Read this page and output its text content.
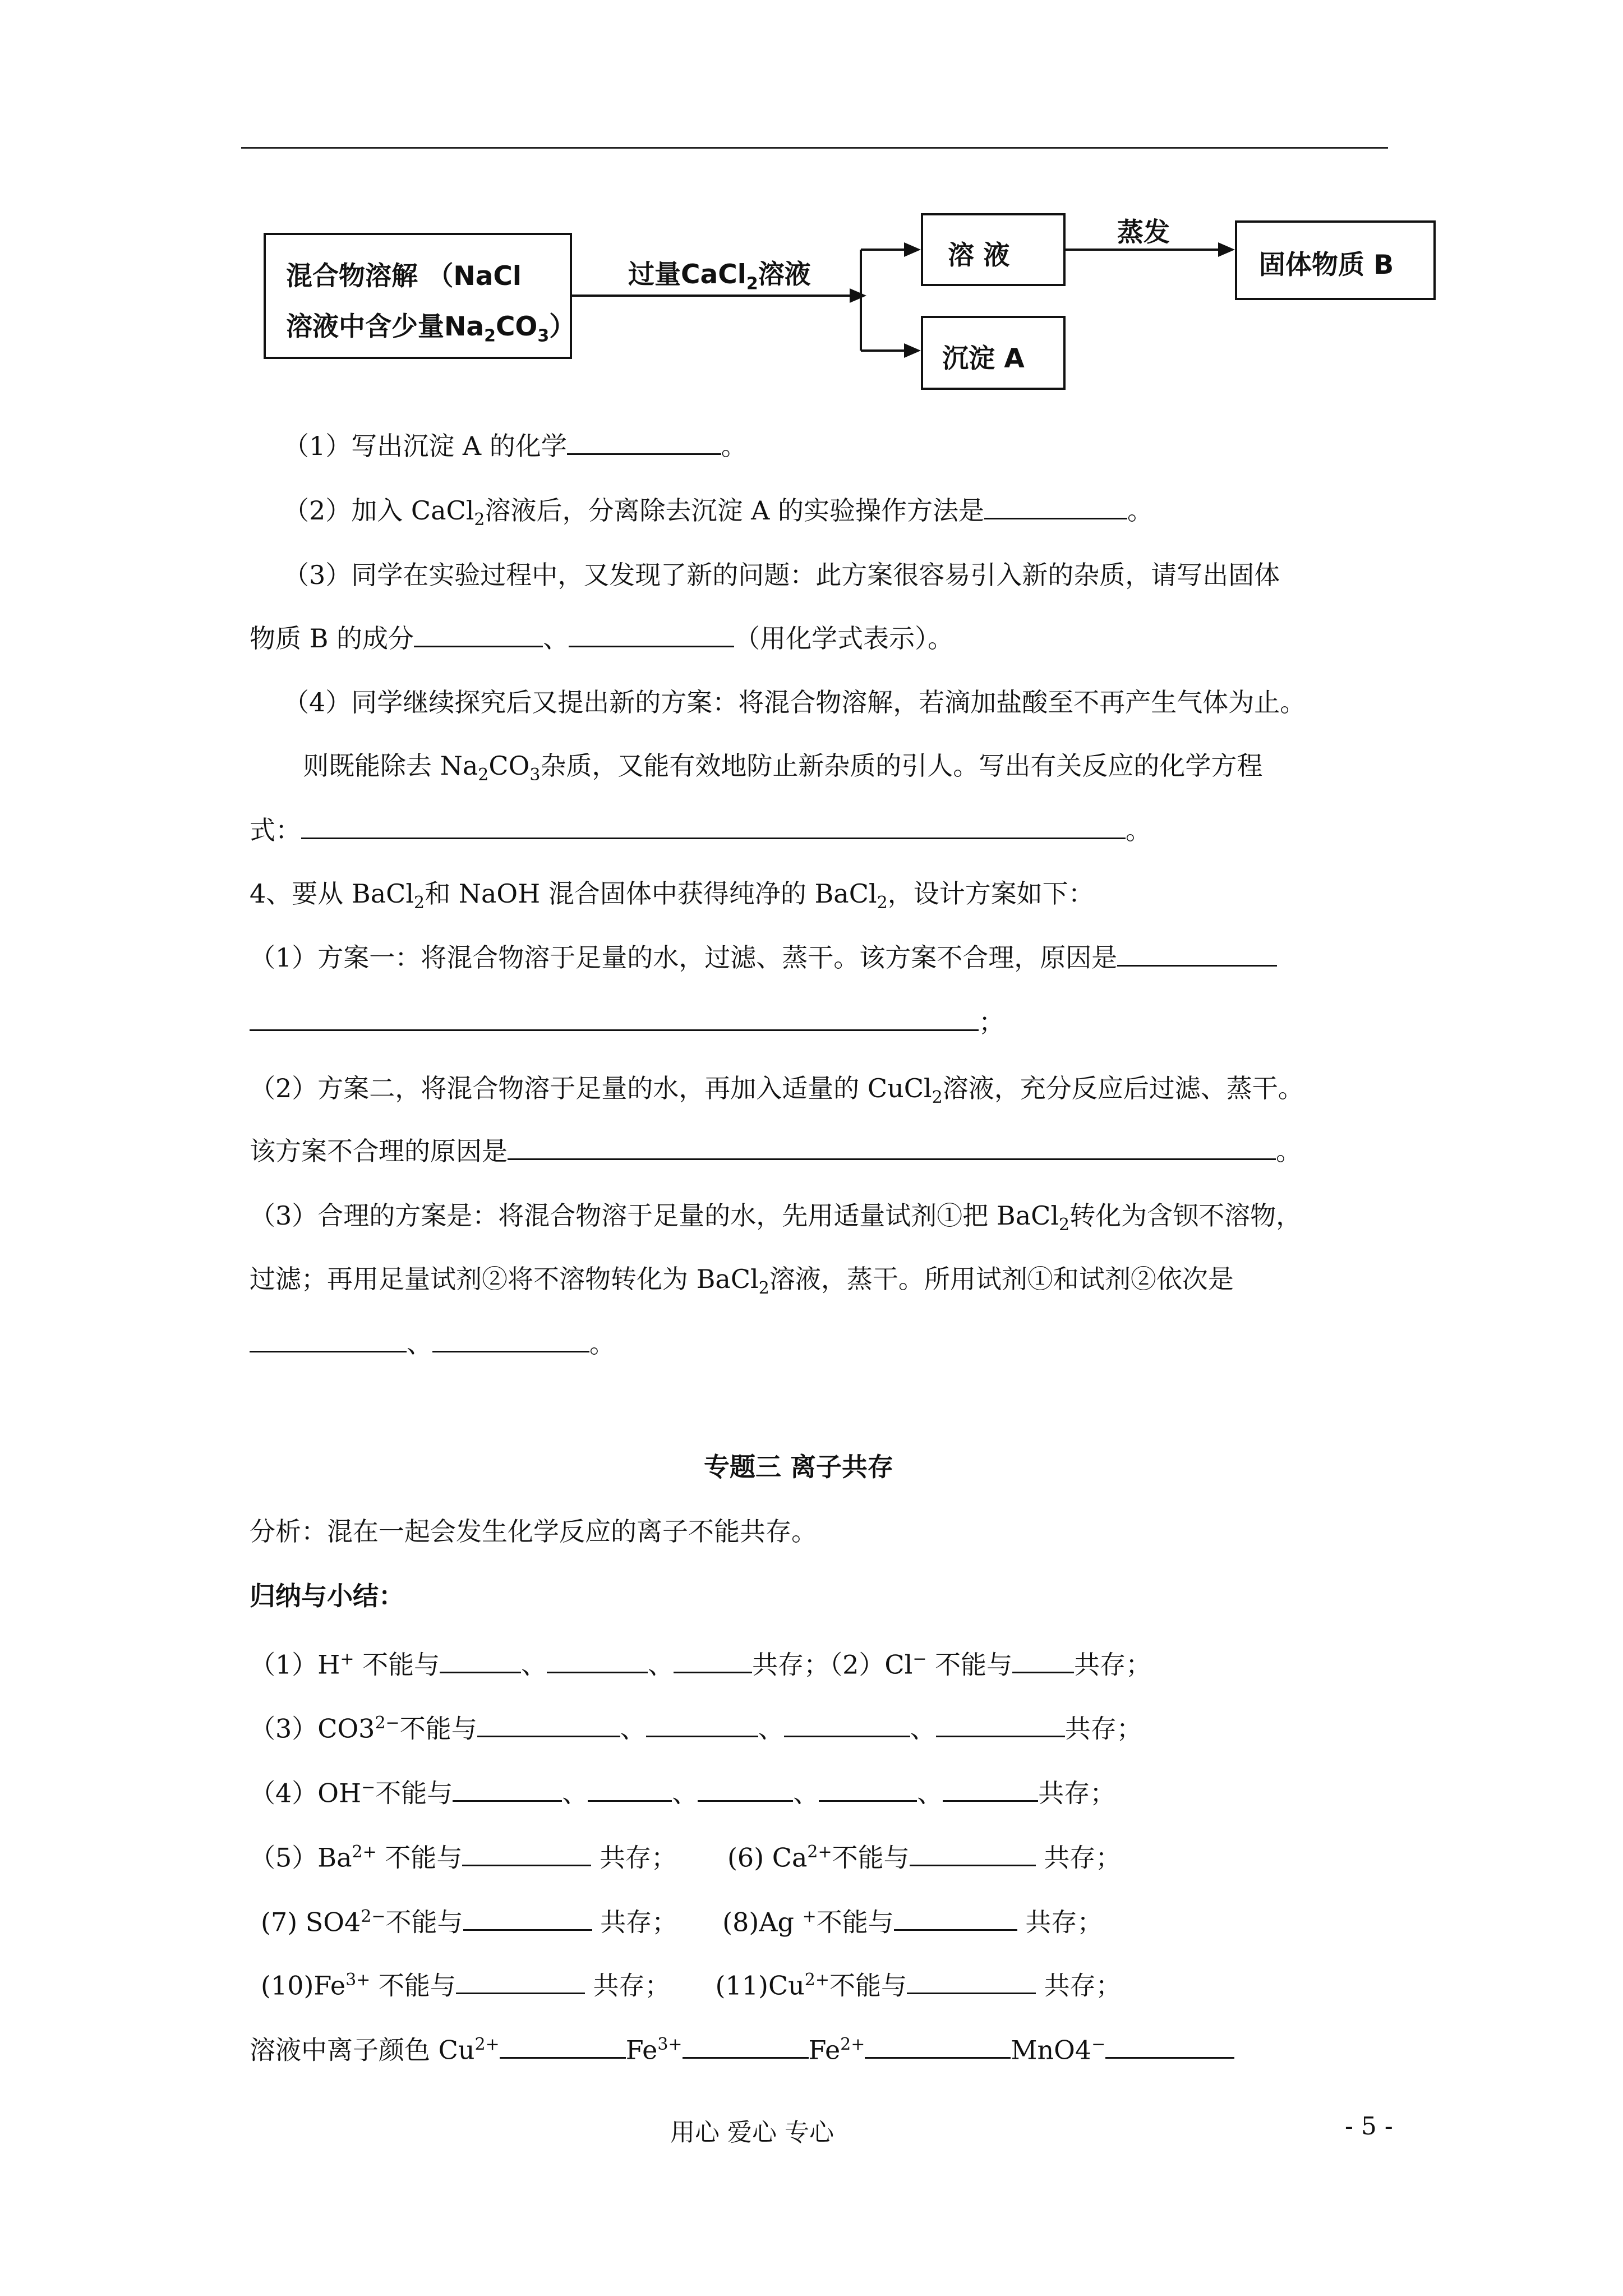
混合物溶解 （NaCl
溶液中含少量$Na_2CO_3$）
过量CaCl$_2$溶液
溶 液
沉淀 A
蒸发
固体物质 B
（1）写出沉淀 A 的化学	。
（2）加入 CaCl$_2$溶液后，分离除去沉淀 A 的实验操作方法是	。
（3）同学在实验过程中，又发现了新的问题：此方案很容易引入新的杂质，请写出固体
物质 B 的成分	、	（用化学式表示）。
（4）同学继续探究后又提出新的方案：将混合物溶解，若滴加盐酸至不再产生气体为止。
则既能除去 $Na_2CO_3$杂质，又能有效地防止新杂质的引人。写出有关反应的化学方程
式：	。
4、要从 BaCl$_2$和 NaOH 混合固体中获得纯净的 BaCl$_2$，设计方案如下：
（1）方案一：将混合物溶于足量的水，过滤、蒸干。该方案不合理，原因是
；
（2）方案二，将混合物溶于足量的水，再加入适量的 CuCl$_2$溶液，充分反应后过滤、蒸干。
该方案不合理的原因是	。
（3）合理的方案是：将混合物溶于足量的水，先用适量试剂①把 BaCl$_2$转化为含钡不溶物，
过滤；再用足量试剂②将不溶物转化为 BaCl$_2$溶液，蒸干。所用试剂①和试剂②依次是
、	。
专题三 离子共存
分析：混在一起会发生化学反应的离子不能共存。
归纳与小结：
（1）H+ 不能与	、	、	共存；（2）Cl− 不能与 共存；
$(3)CO3^{2-}$不能与	、	、	、	共存；
（4）OH−不能与	、	、	、	、	共存；
$(5)Ba^{2+}$ 不能与	共存； (6) $Ca^{2+}$不能与	共存；
(7) $SO4^{2-}$不能与	共存； (8)Ag +不能与	共存；
$(10)Fe^{3+}$ 不能与	共存； $(11)Cu^{2+}$不能与	共存；
溶液中离子颜色 $Cu^{2+}$	$Fe^{3+}$	$Fe^{2+}$	MnO4−
用心 爱心 专心	- 5 -
